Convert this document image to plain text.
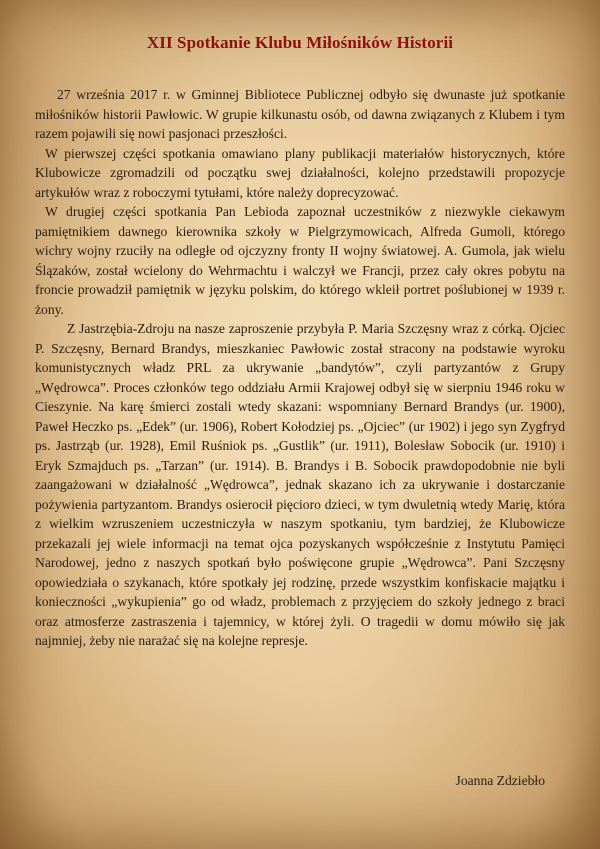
XII Spotkanie Klubu Miłośników Historii

27 września 2017 r. w Gminnej Bibliotece Publicznej odbyło się dwunaste już spotkanie miłośników historii Pawłowic. W grupie kilkunastu osób, od dawna związanych z Klubem i tym razem pojawili się nowi pasjonaci przeszłości.

W pierwszej części spotkania omawiano plany publikacji materiałów historycznych, które Klubowicze zgromadzili od początku swej działalności, kolejno przedstawili propozycje artykułów wraz z roboczymi tytułami, które należy doprecyzować.

W drugiej części spotkania Pan Lebioda zapoznał uczestników z niezwykle ciekawym pamiętnikiem dawnego kierownika szkoły w Pielgrzymowicach, Alfreda Gumoli, którego wichry wojny rzuciły na odległe od ojczyzny fronty II wojny światowej. A. Gumola, jak wielu Ślązaków, został wcielony do Wehrmachtu i walczył we Francji, przez cały okres pobytu na froncie prowadził pamiętnik w języku polskim, do którego wkleił portret poślubionej w 1939 r. żony.

Z Jastrzębia-Zdroju na nasze zaproszenie przybyła P. Maria Szczęsny wraz z córką. Ojciec P. Szczęsny, Bernard Brandys, mieszkaniec Pawłowic został stracony na podstawie wyroku komunistycznych władz PRL za ukrywanie „bandytów”, czyli partyzantów z Grupy „Wędrowca”. Proces członków tego oddziału Armii Krajowej odbył się w sierpniu 1946 roku w Cieszynie. Na karę śmierci zostali wtedy skazani: wspomniany Bernard Brandys (ur. 1900), Paweł Heczko ps. „Edek” (ur. 1906), Robert Kołodziej ps. „Ojciec” (ur 1902) i jego syn Zygfryd ps. Jastrząb (ur. 1928), Emil Ruśniok ps. „Gustlik” (ur. 1911), Bolesław Sobocik (ur. 1910) i Eryk Szmajduch ps. „Tarzan” (ur. 1914). B. Brandys i B. Sobocik prawdopodobnie nie byli zaangażowani w działalność „Wędrowca”, jednak skazano ich za ukrywanie i dostarczanie pożywienia partyzantom. Brandys osierocił pięcioro dzieci, w tym dwuletnią wtedy Marię, która z wielkim wzruszeniem uczestniczyła w naszym spotkaniu, tym bardziej, że Klubowicze przekazali jej wiele informacji na temat ojca pozyskanych współcześnie z Instytutu Pamięci Narodowej, jedno z naszych spotkań było poświęcone grupie „Wędrowca”. Pani Szczęsny opowiedziała o szykanach, które spotkały jej rodzinę, przede wszystkim konfiskacie majątku i konieczności „wykupienia” go od władz, problemach z przyjęciem do szkoły jednego z braci oraz atmosferze zastraszenia i tajemnicy, w której żyli. O tragedii w domu mówiło się jak najmniej, żeby nie narażać się na kolejne represje.

Joanna Zdziebło
